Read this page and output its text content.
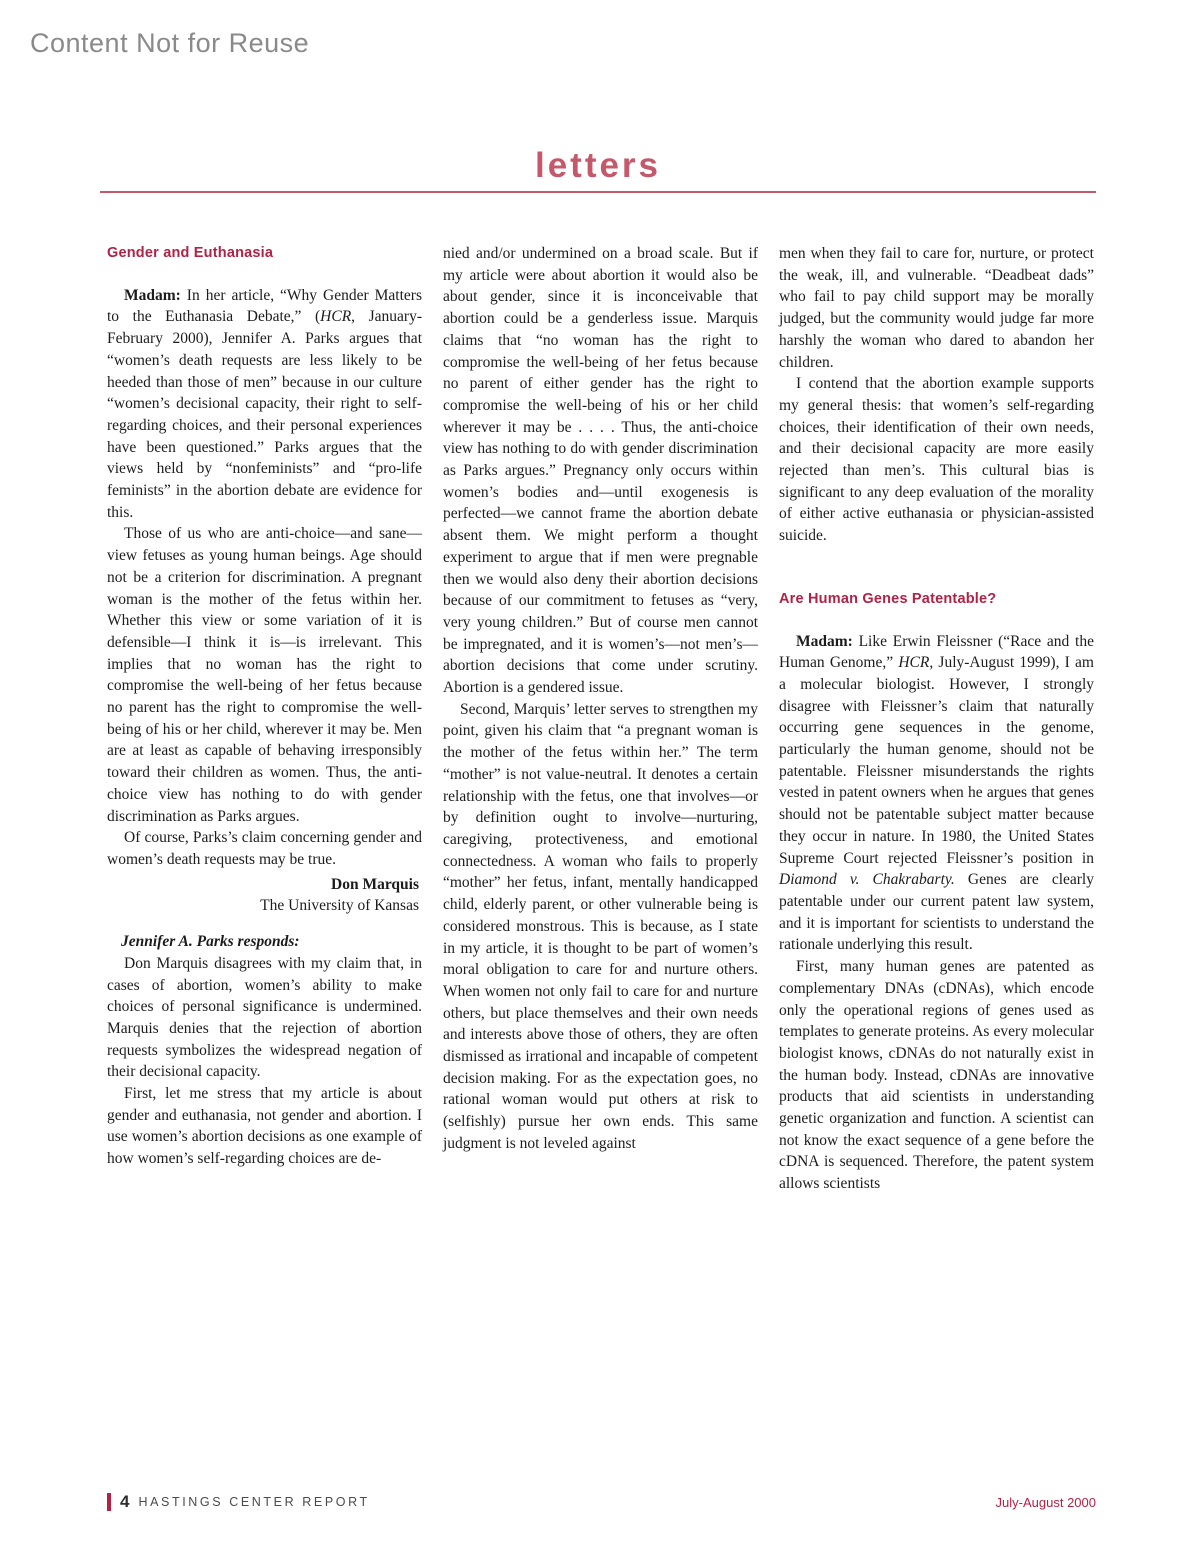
Content Not for Reuse
letters
Gender and Euthanasia

Madam: In her article, “Why Gender Matters to the Euthanasia Debate,” (HCR, January-February 2000), Jennifer A. Parks argues that “women’s death requests are less likely to be heeded than those of men” because in our culture “women’s decisional capacity, their right to self-regarding choices, and their personal experiences have been questioned.” Parks argues that the views held by “nonfeminists” and “pro-life feminists” in the abortion debate are evidence for this.

Those of us who are anti-choice—and sane—view fetuses as young human beings. Age should not be a criterion for discrimination. A pregnant woman is the mother of the fetus within her. Whether this view or some variation of it is defensible—I think it is—is irrelevant. This implies that no woman has the right to compromise the well-being of her fetus because no parent has the right to compromise the well-being of his or her child, wherever it may be. Men are at least as capable of behaving irresponsibly toward their children as women. Thus, the anti-choice view has nothing to do with gender discrimination as Parks argues.

Of course, Parks’s claim concerning gender and women’s death requests may be true.

Don Marquis

The University of Kansas

Jennifer A. Parks responds:

Don Marquis disagrees with my claim that, in cases of abortion, women’s ability to make choices of personal significance is undermined. Marquis denies that the rejection of abortion requests symbolizes the widespread negation of their decisional capacity.

First, let me stress that my article is about gender and euthanasia, not gender and abortion. I use women’s abortion decisions as one example of how women’s self-regarding choices are de-

nied and/or undermined on a broad scale. But if my article were about abortion it would also be about gender, since it is inconceivable that abortion could be a genderless issue. Marquis claims that “no woman has the right to compromise the well-being of her fetus because no parent of either gender has the right to compromise the well-being of his or her child wherever it may be . . . . Thus, the anti-choice view has nothing to do with gender discrimination as Parks argues.” Pregnancy only occurs within women’s bodies and—until exogenesis is perfected—we cannot frame the abortion debate absent them. We might perform a thought experiment to argue that if men were pregnable then we would also deny their abortion decisions because of our commitment to fetuses as “very, very young children.” But of course men cannot be impregnated, and it is women’s—not men’s—abortion decisions that come under scrutiny. Abortion is a gendered issue.

Second, Marquis’ letter serves to strengthen my point, given his claim that “a pregnant woman is the mother of the fetus within her.” The term “mother” is not value-neutral. It denotes a certain relationship with the fetus, one that involves—or by definition ought to involve—nurturing, caregiving, protectiveness, and emotional connectedness. A woman who fails to properly “mother” her fetus, infant, mentally handicapped child, elderly parent, or other vulnerable being is considered monstrous. This is because, as I state in my article, it is thought to be part of women’s moral obligation to care for and nurture others. When women not only fail to care for and nurture others, but place themselves and their own needs and interests above those of others, they are often dismissed as irrational and incapable of competent decision making. For as the expectation goes, no rational woman would put others at risk to (selfishly) pursue her own ends. This same judgment is not leveled against

men when they fail to care for, nurture, or protect the weak, ill, and vulnerable. “Deadbeat dads” who fail to pay child support may be morally judged, but the community would judge far more harshly the woman who dared to abandon her children.

I contend that the abortion example supports my general thesis: that women’s self-regarding choices, their identification of their own needs, and their decisional capacity are more easily rejected than men’s. This cultural bias is significant to any deep evaluation of the morality of either active euthanasia or physician-assisted suicide.

Are Human Genes Patentable?

Madam: Like Erwin Fleissner (“Race and the Human Genome,” HCR, July-August 1999), I am a molecular biologist. However, I strongly disagree with Fleissner’s claim that naturally occurring gene sequences in the genome, particularly the human genome, should not be patentable. Fleissner misunderstands the rights vested in patent owners when he argues that genes should not be patentable subject matter because they occur in nature. In 1980, the United States Supreme Court rejected Fleissner’s position in Diamond v. Chakrabarty. Genes are clearly patentable under our current patent law system, and it is important for scientists to understand the rationale underlying this result.

First, many human genes are patented as complementary DNAs (cDNAs), which encode only the operational regions of genes used as templates to generate proteins. As every molecular biologist knows, cDNAs do not naturally exist in the human body. Instead, cDNAs are innovative products that aid scientists in understanding genetic organization and function. A scientist can not know the exact sequence of a gene before the cDNA is sequenced. Therefore, the patent system allows scientists

4 HASTINGS CENTER REPORT	July-August 2000
